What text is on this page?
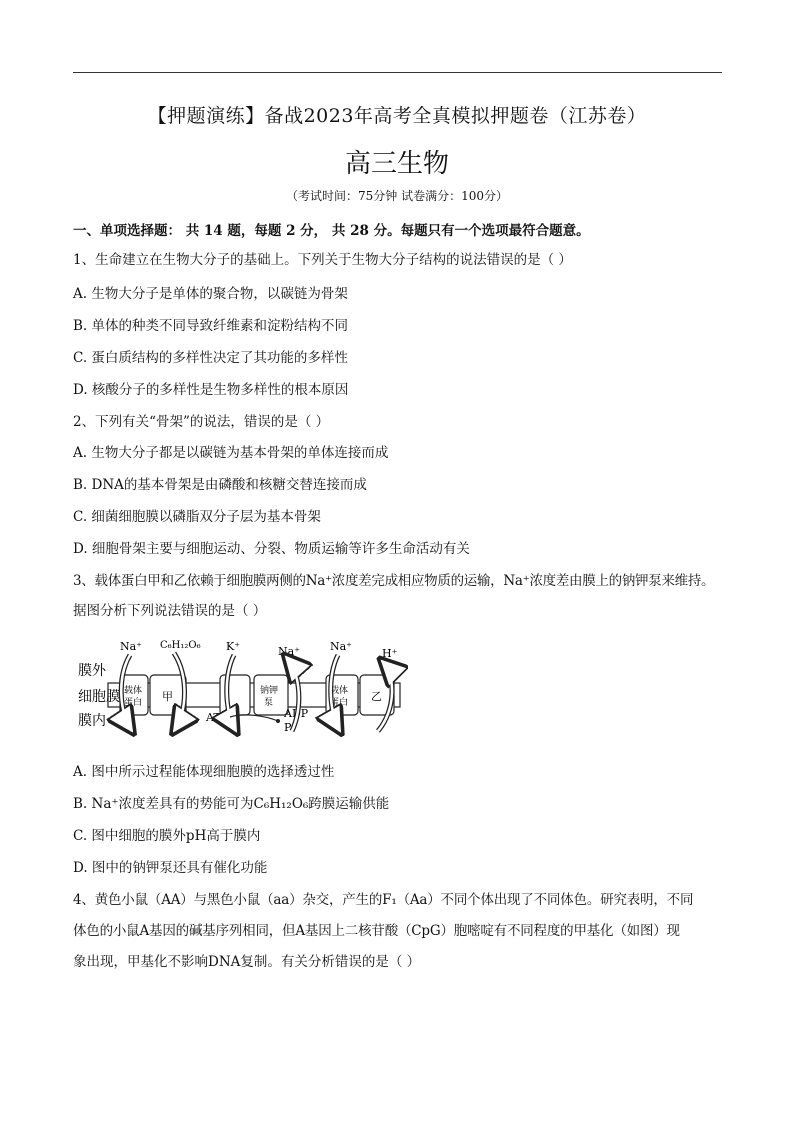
【押题演练】备战2023年高考全真模拟押题卷（江苏卷）
高三生物
（考试时间：75分钟 试卷满分：100分）
一、单项选择题： 共 14 题，每题 2 分， 共 28 分。每题只有一个选项最符合题意。
1、生命建立在生物大分子的基础上。下列关于生物大分子结构的说法错误的是（ ）
A. 生物大分子是单体的聚合物，以碳链为骨架
B. 单体的种类不同导致纤维素和淀粉结构不同
C. 蛋白质结构的多样性决定了其功能的多样性
D. 核酸分子的多样性是生物多样性的根本原因
2、下列有关“骨架”的说法，错误的是（ ）
A. 生物大分子都是以碳链为基本骨架的单体连接而成
B. DNA的基本骨架是由磷酸和核糖交替连接而成
C. 细菌细胞膜以磷脂双分子层为基本骨架
D. 细胞骨架主要与细胞运动、分裂、物质运输等许多生命活动有关
3、载体蛋白甲和乙依赖于细胞膜两侧的Na⁺浓度差完成相应物质的运输，Na⁺浓度差由膜上的钠钾泵来维持。
据图分析下列说法错误的是（ ）
膜外
细胞膜
膜内
载体
蛋白 甲	钠钾
泵
载体
蛋白 乙
Na⁺ C₆H₁₂O₆ K⁺	Na⁺	Na⁺
H⁺
ATP	ADP
Pi
A. 图中所示过程能体现细胞膜的选择透过性
B. Na⁺浓度差具有的势能可为C₆H₁₂O₆跨膜运输供能
C. 图中细胞的膜外pH高于膜内
D. 图中的钠钾泵还具有催化功能
4、黄色小鼠（AA）与黑色小鼠（aa）杂交，产生的F₁（Aa）不同个体出现了不同体色。研究表明，不同
体色的小鼠A基因的碱基序列相同，但A基因上二核苷酸（CpG）胞嘧啶有不同程度的甲基化（如图）现
象出现，甲基化不影响DNA复制。有关分析错误的是（ ）
